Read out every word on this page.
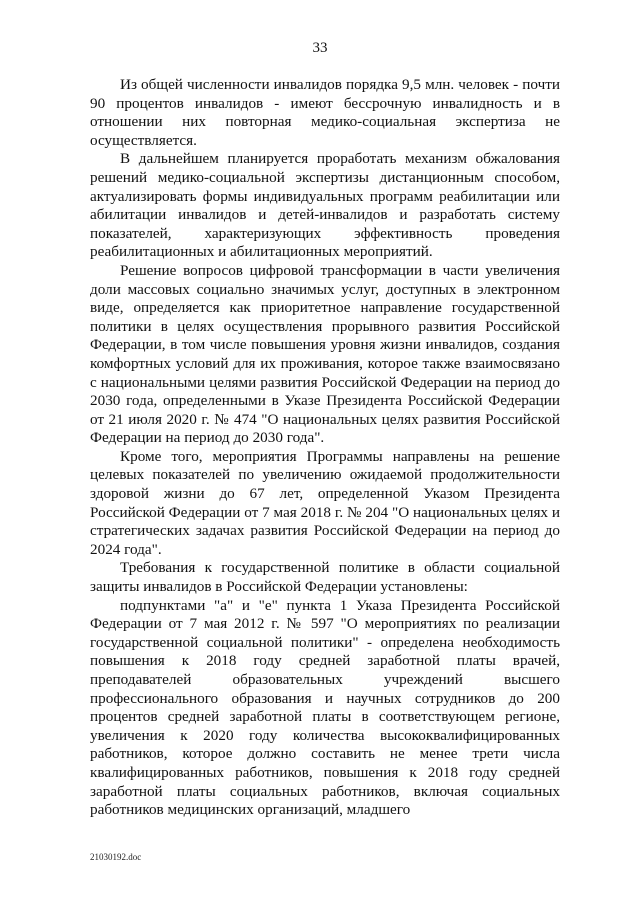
33

Из общей численности инвалидов порядка 9,5 млн. человек - почти 90 процентов инвалидов - имеют бессрочную инвалидность и в отношении них повторная медико-социальная экспертиза не осуществляется.

В дальнейшем планируется проработать механизм обжалования решений медико-социальной экспертизы дистанционным способом, актуализировать формы индивидуальных программ реабилитации или абилитации инвалидов и детей-инвалидов и разработать систему показателей, характеризующих эффективность проведения реабилитационных и абилитационных мероприятий.

Решение вопросов цифровой трансформации в части увеличения доли массовых социально значимых услуг, доступных в электронном виде, определяется как приоритетное направление государственной политики в целях осуществления прорывного развития Российской Федерации, в том числе повышения уровня жизни инвалидов, создания комфортных условий для их проживания, которое также взаимосвязано с национальными целями развития Российской Федерации на период до 2030 года, определенными в Указе Президента Российской Федерации от 21 июля 2020 г. № 474 "О национальных целях развития Российской Федерации на период до 2030 года".

Кроме того, мероприятия Программы направлены на решение целевых показателей по увеличению ожидаемой продолжительности здоровой жизни до 67 лет, определенной Указом Президента Российской Федерации от 7 мая 2018 г. № 204 "О национальных целях и стратегических задачах развития Российской Федерации на период до 2024 года".

Требования к государственной политике в области социальной защиты инвалидов в Российской Федерации установлены:

подпунктами "а" и "е" пункта 1 Указа Президента Российской Федерации от 7 мая 2012 г. № 597 "О мероприятиях по реализации государственной социальной политики" - определена необходимость повышения к 2018 году средней заработной платы врачей, преподавателей образовательных учреждений высшего профессионального образования и научных сотрудников до 200 процентов средней заработной платы в соответствующем регионе, увеличения к 2020 году количества высококвалифицированных работников, которое должно составить не менее трети числа квалифицированных работников, повышения к 2018 году средней заработной платы социальных работников, включая социальных работников медицинских организаций, младшего

21030192.doc
